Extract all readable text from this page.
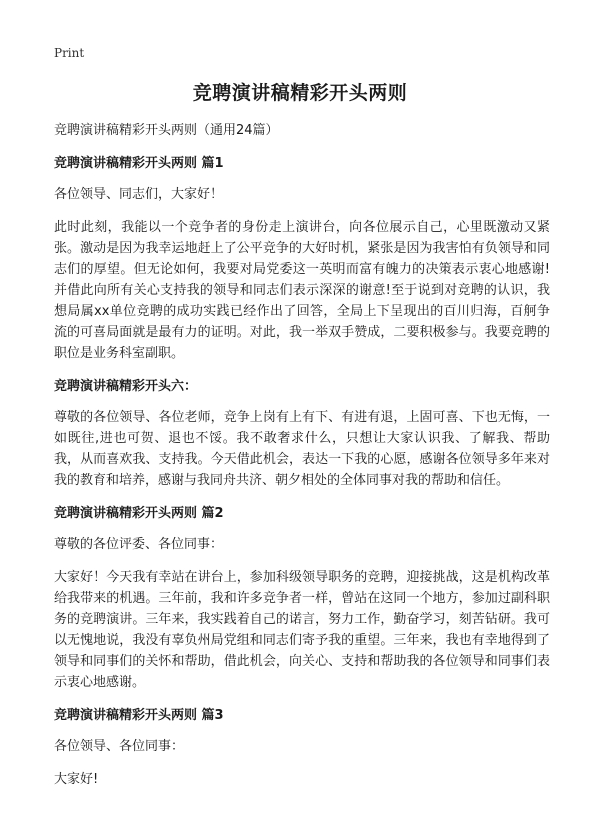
Print
竞聘演讲稿精彩开头两则

竞聘演讲稿精彩开头两则（通用24篇）

竞聘演讲稿精彩开头两则 篇1

各位领导、同志们，大家好！

此时此刻，我能以一个竞争者的身份走上演讲台，向各位展示自己，心里既激动又紧张。激动是因为我幸运地赶上了公平竞争的大好时机，紧张是因为我害怕有负领导和同志们的厚望。但无论如何，我要对局党委这一英明而富有魄力的决策表示衷心地感谢!并借此向所有关心支持我的领导和同志们表示深深的谢意!至于说到对竞聘的认识，我想局属xx单位竞聘的成功实践已经作出了回答，全局上下呈现出的百川归海，百舸争流的可喜局面就是最有力的证明。对此，我一举双手赞成，二要积极参与。我要竞聘的职位是业务科室副职。

竞聘演讲稿精彩开头六：

尊敬的各位领导、各位老师，竞争上岗有上有下、有进有退，上固可喜、下也无悔，一如既往,进也可贺、退也不馁。我不敢奢求什么，只想让大家认识我、了解我、帮助我，从而喜欢我、支持我。今天借此机会，表达一下我的心愿，感谢各位领导多年来对我的教育和培养，感谢与我同舟共济、朝夕相处的全体同事对我的帮助和信任。

竞聘演讲稿精彩开头两则 篇2

尊敬的各位评委、各位同事：

大家好！今天我有幸站在讲台上，参加科级领导职务的竞聘，迎接挑战，这是机构改革给我带来的机遇。三年前，我和许多竞争者一样，曾站在这同一个地方，参加过副科职务的竞聘演讲。三年来，我实践着自己的诺言，努力工作，勤奋学习，刻苦钻研。我可以无愧地说，我没有辜负州局党组和同志们寄予我的重望。三年来，我也有幸地得到了领导和同事们的关怀和帮助，借此机会，向关心、支持和帮助我的各位领导和同事们表示衷心地感谢。

竞聘演讲稿精彩开头两则 篇3

各位领导、各位同事：

大家好!
